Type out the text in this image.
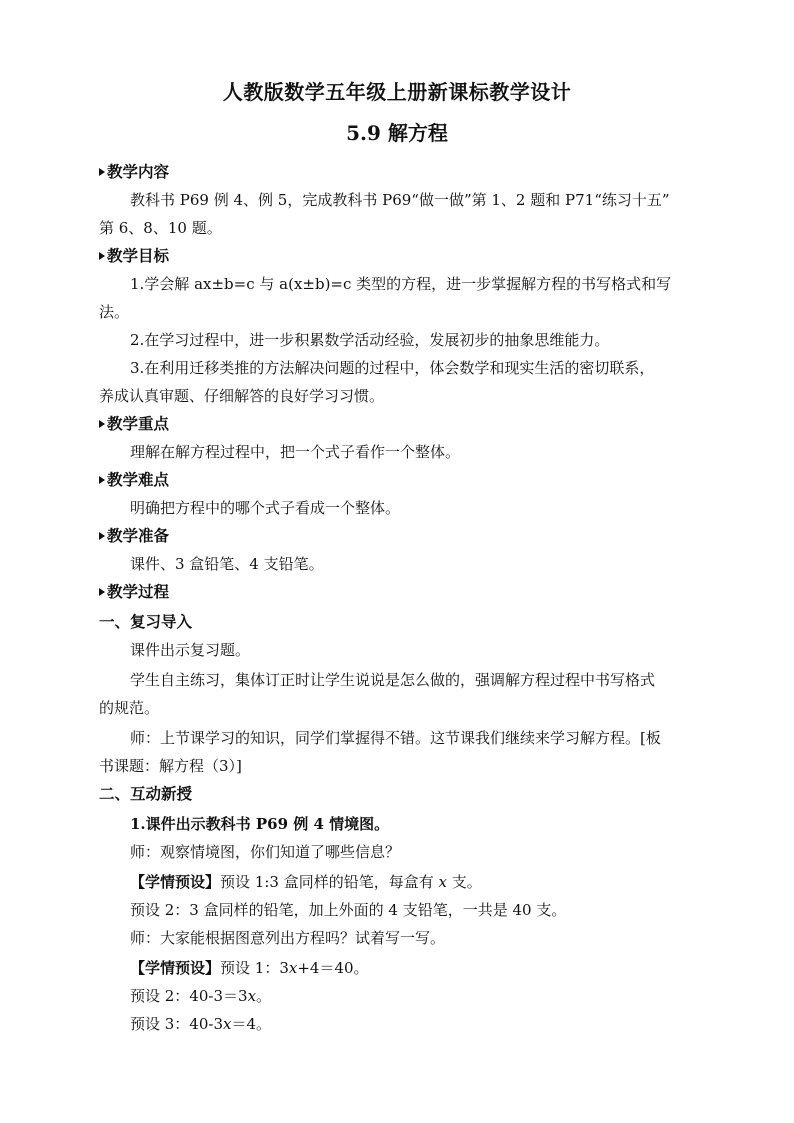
人教版数学五年级上册新课标教学设计
5.9 解方程
教学内容
教科书 P69 例 4、例 5，完成教科书 P69“做一做”第 1、2 题和 P71“练习十五”
第 6、8、10 题。
教学目标
1.学会解 ax±b=c 与 a(x±b)=c 类型的方程，进一步掌握解方程的书写格式和写
法。
2.在学习过程中，进一步积累数学活动经验，发展初步的抽象思维能力。
3.在利用迁移类推的方法解决问题的过程中，体会数学和现实生活的密切联系，
养成认真审题、仔细解答的良好学习习惯。
教学重点
理解在解方程过程中，把一个式子看作一个整体。
教学难点
明确把方程中的哪个式子看成一个整体。
教学准备
课件、3 盒铅笔、4 支铅笔。
教学过程
一、复习导入
课件出示复习题。
学生自主练习，集体订正时让学生说说是怎么做的，强调解方程过程中书写格式
的规范。
师：上节课学习的知识，同学们掌握得不错。这节课我们继续来学习解方程。[板
书课题：解方程（3）]
二、互动新授
1.课件出示教科书 P69 例 4 情境图。
师：观察情境图，你们知道了哪些信息？
【学情预设】预设 1:3 盒同样的铅笔，每盒有 x 支。
预设 2：3 盒同样的铅笔，加上外面的 4 支铅笔，一共是 40 支。
师：大家能根据图意列出方程吗？试着写一写。
【学情预设】预设 1：3x+4＝40。
预设 2：40-3＝3x。
预设 3：40-3x＝4。
